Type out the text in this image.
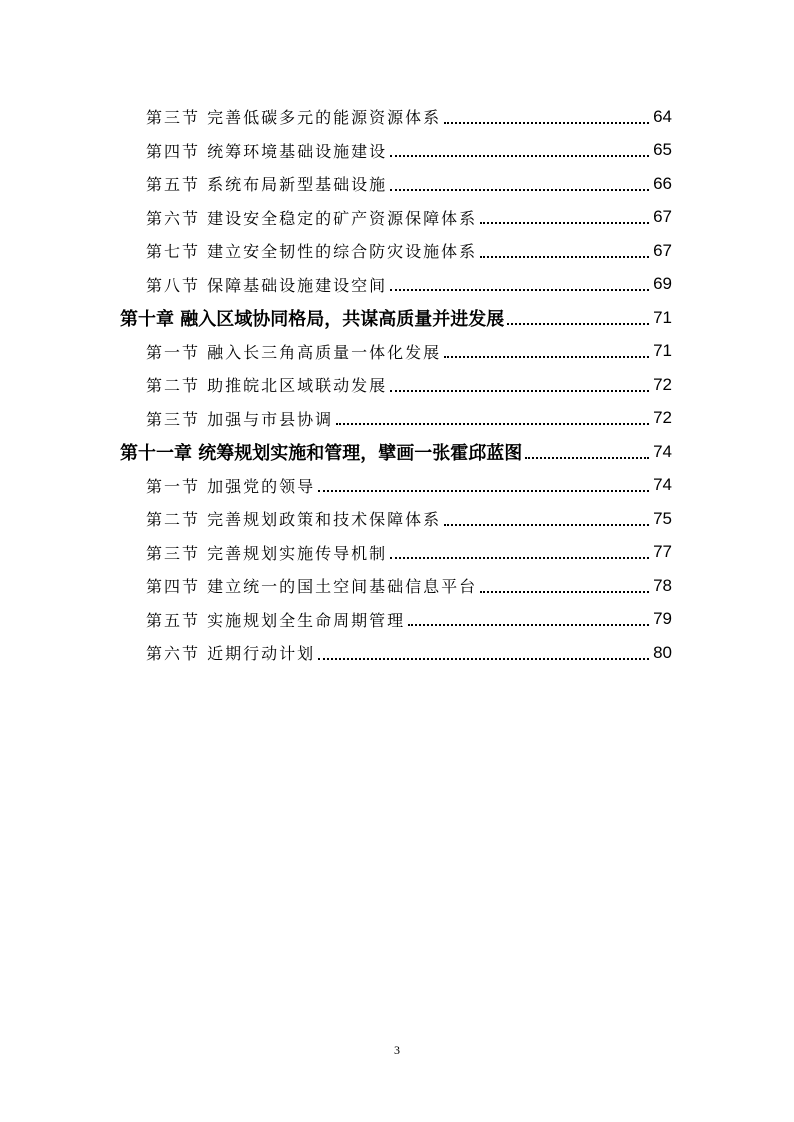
第三节 完善低碳多元的能源资源体系	64
第四节 统筹环境基础设施建设	65
第五节 系统布局新型基础设施	66
第六节 建设安全稳定的矿产资源保障体系	67
第七节 建立安全韧性的综合防灾设施体系	67
第八节 保障基础设施建设空间	69
第十章 融入区域协同格局，共谋高质量并进发展	71
第一节 融入长三角高质量一体化发展	71
第二节 助推皖北区域联动发展	72
第三节 加强与市县协调	72
第十一章 统筹规划实施和管理，擘画一张霍邱蓝图	74
第一节 加强党的领导	74
第二节 完善规划政策和技术保障体系	75
第三节 完善规划实施传导机制	77
第四节 建立统一的国土空间基础信息平台	78
第五节 实施规划全生命周期管理	79
第六节 近期行动计划	80
3
